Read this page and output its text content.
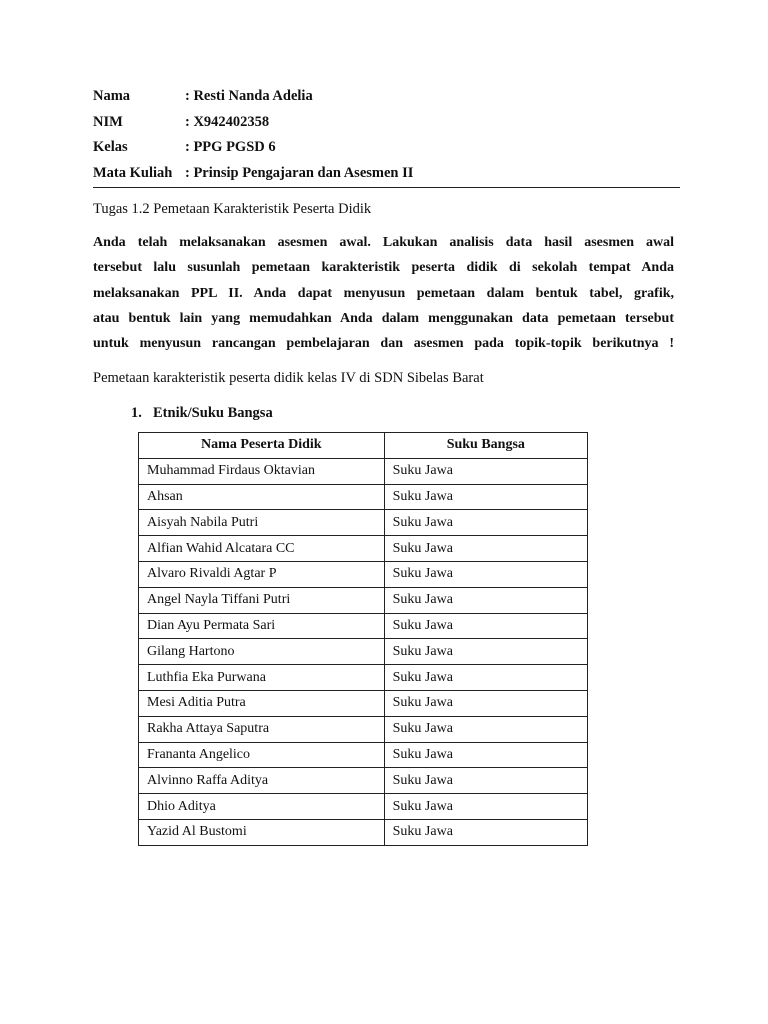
Nama	: Resti Nanda Adelia
NIM	: X942402358
Kelas	: PPG PGSD 6
Mata Kuliah : Prinsip Pengajaran dan Asesmen II
Tugas 1.2 Pemetaan Karakteristik Peserta Didik
Anda telah melaksanakan asesmen awal. Lakukan analisis data hasil asesmen awal
tersebut lalu susunlah pemetaan karakteristik peserta didik di sekolah tempat Anda
melaksanakan PPL II. Anda dapat menyusun pemetaan dalam bentuk tabel, grafik,
atau bentuk lain yang memudahkan Anda dalam menggunakan data pemetaan tersebut
untuk menyusun rancangan pembelajaran dan asesmen pada topik-topik berikutnya !
Pemetaan karakteristik peserta didik kelas IV di SDN Sibelas Barat
1. Etnik/Suku Bangsa
Nama Peserta Didik	Suku Bangsa
Muhammad Firdaus Oktavian	Suku Jawa
Ahsan	Suku Jawa
Aisyah Nabila Putri	Suku Jawa
Alfian Wahid Alcatara CC	Suku Jawa
Alvaro Rivaldi Agtar P	Suku Jawa
Angel Nayla Tiffani Putri	Suku Jawa
Dian Ayu Permata Sari	Suku Jawa
Gilang Hartono	Suku Jawa
Luthfia Eka Purwana	Suku Jawa
Mesi Aditia Putra	Suku Jawa
Rakha Attaya Saputra	Suku Jawa
Frananta Angelico	Suku Jawa
Alvinno Raffa Aditya	Suku Jawa
Dhio Aditya	Suku Jawa
Yazid Al Bustomi	Suku Jawa
